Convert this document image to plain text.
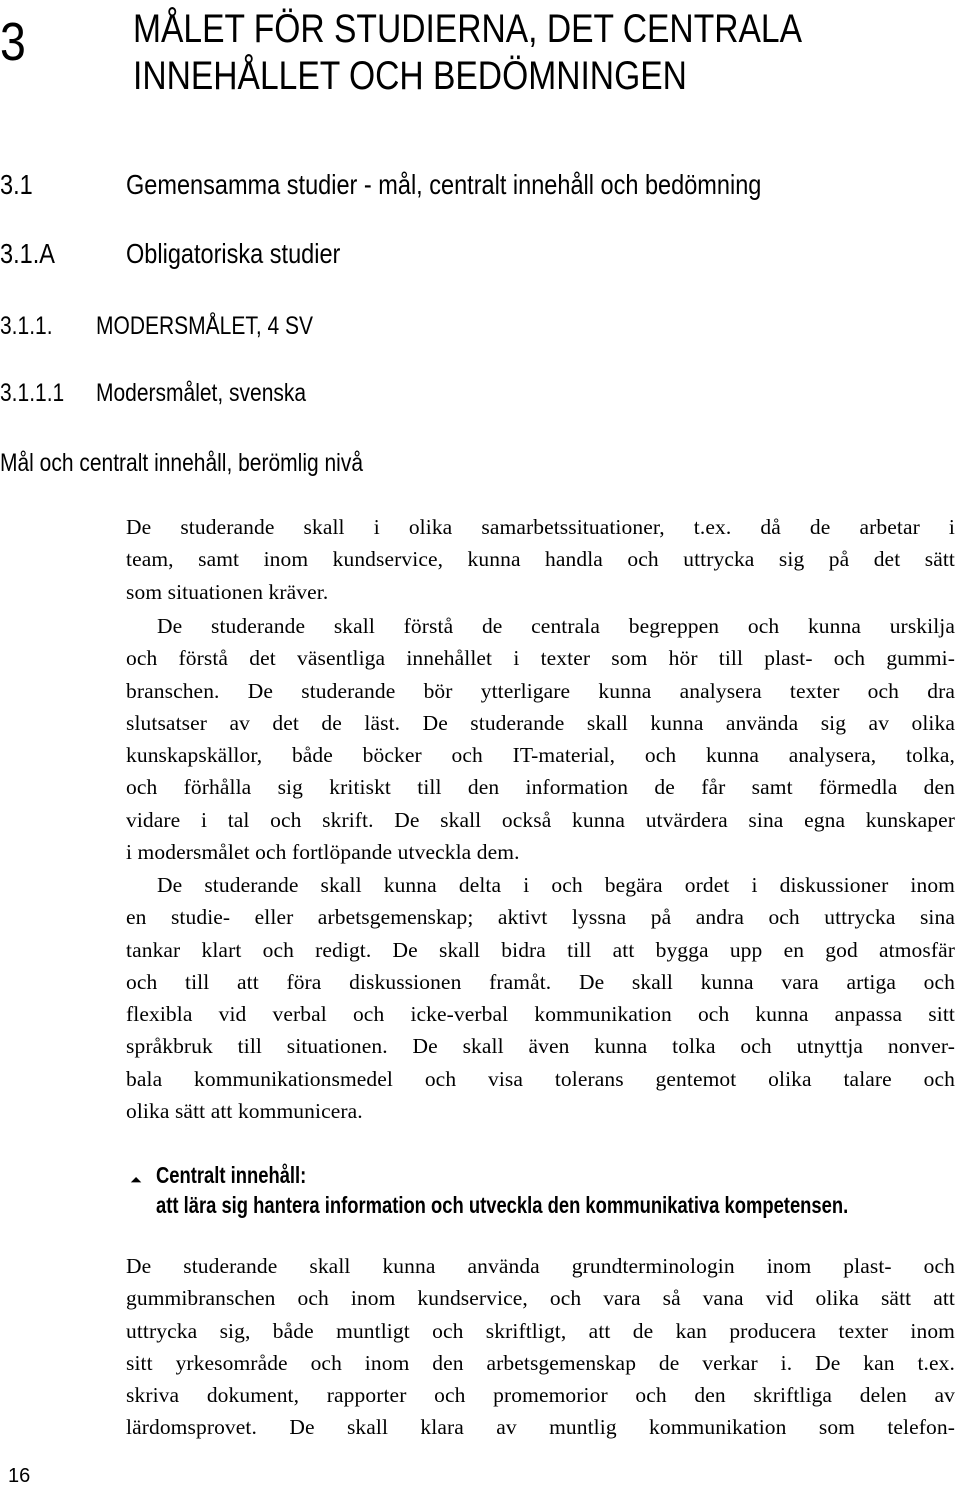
3	MÅLET FÖR STUDIERNA, DET CENTRALA
INNEHÅLLET OCH BEDÖMNINGEN
3.1	Gemensamma studier - mål, centralt innehåll och bedömning
3.1.A	Obligatoriska studier
3.1.1. MODERSMÅLET, 4 SV
3.1.1.1 Modersmålet, svenska
Mål och centralt innehåll, berömlig nivå
De studerande skall i olika samarbetssituationer, t.ex. då de arbetar i
team, samt inom kundservice, kunna handla och uttrycka sig på det sätt
som situationen kräver.
De studerande skall förstå de centrala begreppen och kunna urskilja
och förstå det väsentliga innehållet i texter som hör till plast- och gummi-
branschen. De studerande bör ytterligare kunna analysera texter och dra
slutsatser av det de läst. De studerande skall kunna använda sig av olika
kunskapskällor, både böcker och IT-material, och kunna analysera, tolka,
och förhålla sig kritiskt till den information de får samt förmedla den
vidare i tal och skrift. De skall också kunna utvärdera sina egna kunskaper
i modersmålet och fortlöpande utveckla dem.
De studerande skall kunna delta i och begära ordet i diskussioner inom
en studie- eller arbetsgemenskap; aktivt lyssna på andra och uttrycka sina
tankar klart och redigt. De skall bidra till att bygga upp en god atmosfär
och till att föra diskussionen framåt. De skall kunna vara artiga och
flexibla vid verbal och icke-verbal kommunikation och kunna anpassa sitt
språkbruk till situationen. De skall även kunna tolka och utnyttja nonver-
bala kommunikationsmedel och visa tolerans gentemot olika talare och
olika sätt att kommunicera.
⏶ Centralt innehåll:
att lära sig hantera information och utveckla den kommunikativa kompetensen.
De studerande skall kunna använda grundterminologin inom plast- och
gummibranschen och inom kundservice, och vara så vana vid olika sätt att
uttrycka sig, både muntligt och skriftligt, att de kan producera texter inom
sitt yrkesområde och inom den arbetsgemenskap de verkar i. De kan t.ex.
skriva dokument, rapporter och promemorior och den skriftliga delen av
lärdomsprovet. De skall klara av muntlig kommunikation som telefon-
16
